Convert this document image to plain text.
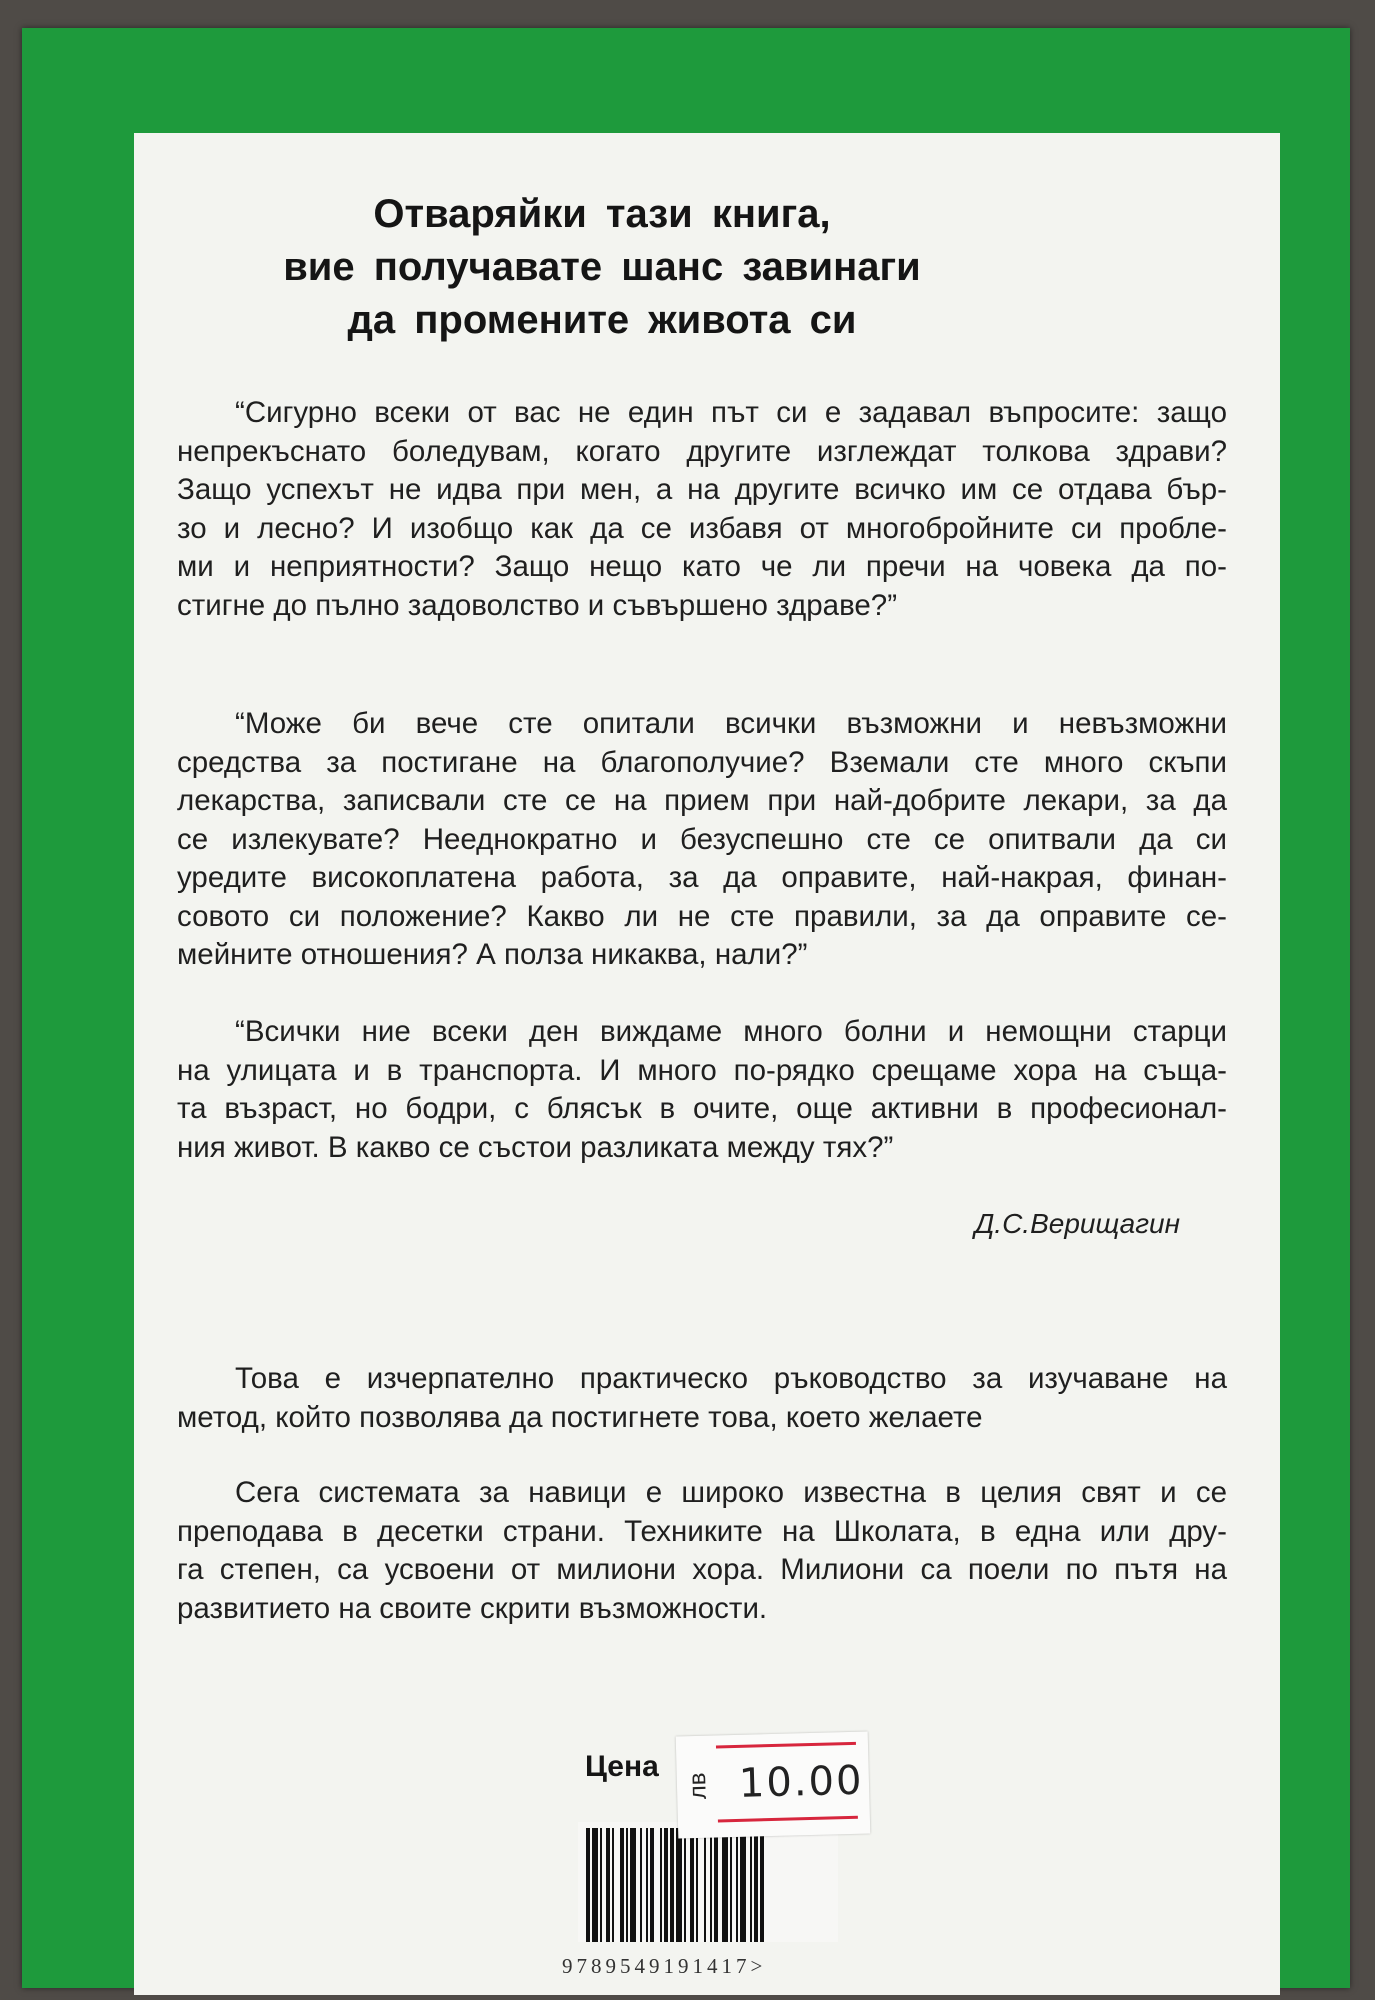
Отваряйки тази книга,
вие получавате шанс завинаги
да промените живота си
“Сигурно всеки от вас не един път си е задавал въпросите: защо
непрекъснато боледувам, когато другите изглеждат толкова здрави?
Защо успехът не идва при мен, а на другите всичко им се отдава бър-
зо и лесно? И изобщо как да се избавя от многобройните си пробле-
ми и неприятности? Защо нещо като че ли пречи на човека да по-
стигне до пълно задоволство и съвършено здраве?”
“Може би вече сте опитали всички възможни и невъзможни
средства за постигане на благополучие? Вземали сте много скъпи
лекарства, записвали сте се на прием при най-добрите лекари, за да
се излекувате? Нееднократно и безуспешно сте се опитвали да си
уредите високоплатена работа, за да оправите, най-накрая, финан-
совото си положение? Какво ли не сте правили, за да оправите се-
мейните отношения? А полза никаква, нали?”
“Всички ние всеки ден виждаме много болни и немощни старци
на улицата и в транспорта. И много по-рядко срещаме хора на съща-
та възраст, но бодри, с блясък в очите, още активни в професионал-
ния живот. В какво се състои разликата между тях?”
Д.С.Верищагин
Това е изчерпателно практическо ръководство за изучаване на
метод, който позволява да постигнете това, което желаете
Сега системата за навици е широко известна в целия свят и се
преподава в десетки страни. Техниките на Школата, в една или дру-
га степен, са усвоени от милиони хора. Милиони са поели по пътя на
развитието на своите скрити възможности.
Цена
лв 10.00
9789549191417>
